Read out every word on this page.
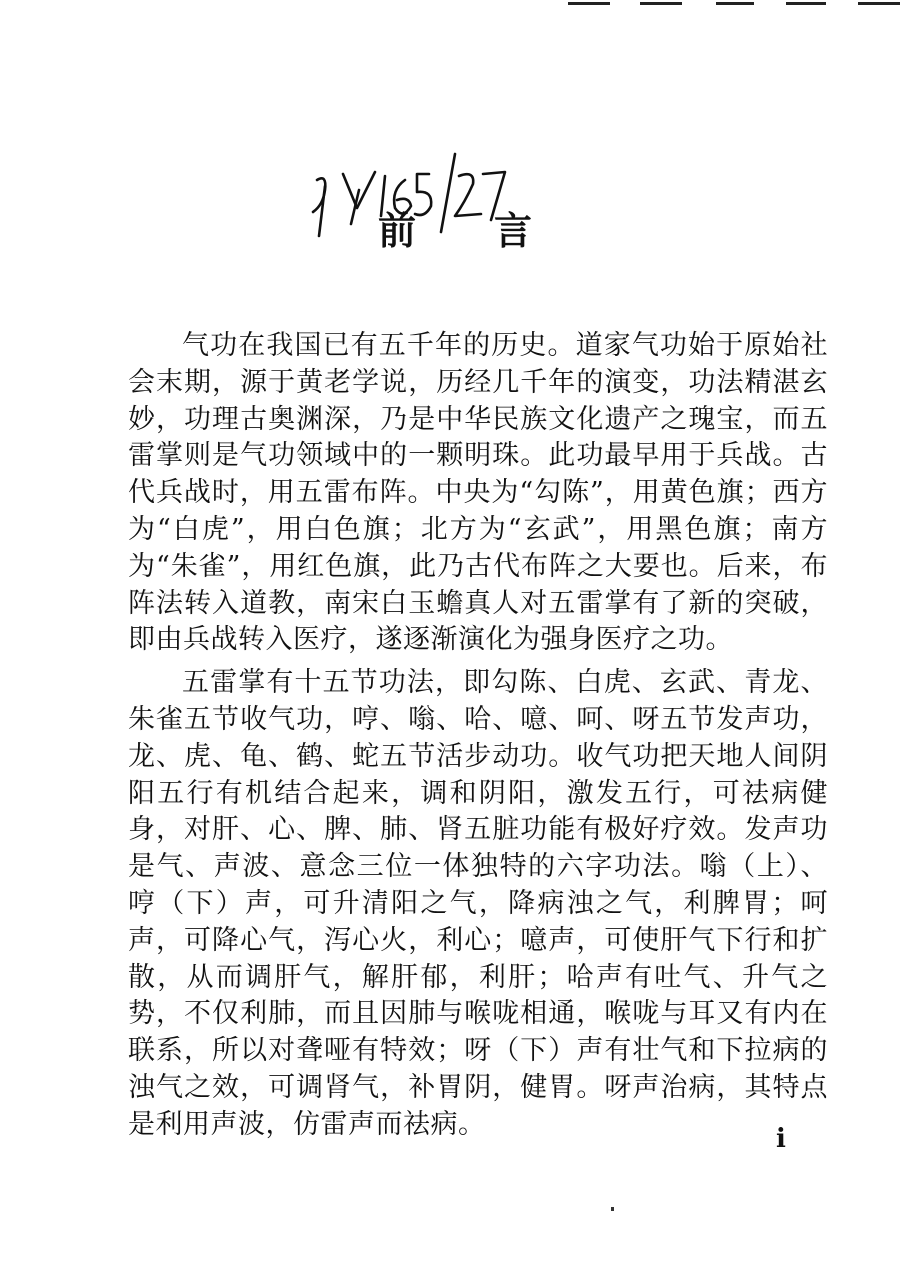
前言

气功在我国已有五千年的历史。道家气功始于原始社会末期，源于黄老学说，历经几千年的演变，功法精湛玄妙，功理古奥渊深，乃是中华民族文化遗产之瑰宝，而五雷掌则是气功领域中的一颗明珠。此功最早用于兵战。古代兵战时，用五雷布阵。中央为“勾陈”，用黄色旗；西方为“白虎”，用白色旗；北方为“玄武”，用黑色旗；南方为“朱雀”，用红色旗，此乃古代布阵之大要也。后来，布阵法转入道教，南宋白玉蟾真人对五雷掌有了新的突破，即由兵战转入医疗，遂逐渐演化为强身医疗之功。

五雷掌有十五节功法，即勾陈、白虎、玄武、青龙、朱雀五节收气功，哼、嗡、哈、噫、呵、呀五节发声功，龙、虎、龟、鹤、蛇五节活步动功。收气功把天地人间阴阳五行有机结合起来，调和阴阳，激发五行，可祛病健身，对肝、心、脾、肺、肾五脏功能有极好疗效。发声功是气、声波、意念三位一体独特的六字功法。嗡（上）、哼（下）声，可升清阳之气，降病浊之气，利脾胃；呵声，可降心气，泻心火，利心；噫声，可使肝气下行和扩散，从而调肝气，解肝郁，利肝；哈声有吐气、升气之势，不仅利肺，而且因肺与喉咙相通，喉咙与耳又有内在联系，所以对聋哑有特效；呀（下）声有壮气和下拉病的浊气之效，可调肾气，补胃阴，健胃。呀声治病，其特点是利用声波，仿雷声而祛病。	i
